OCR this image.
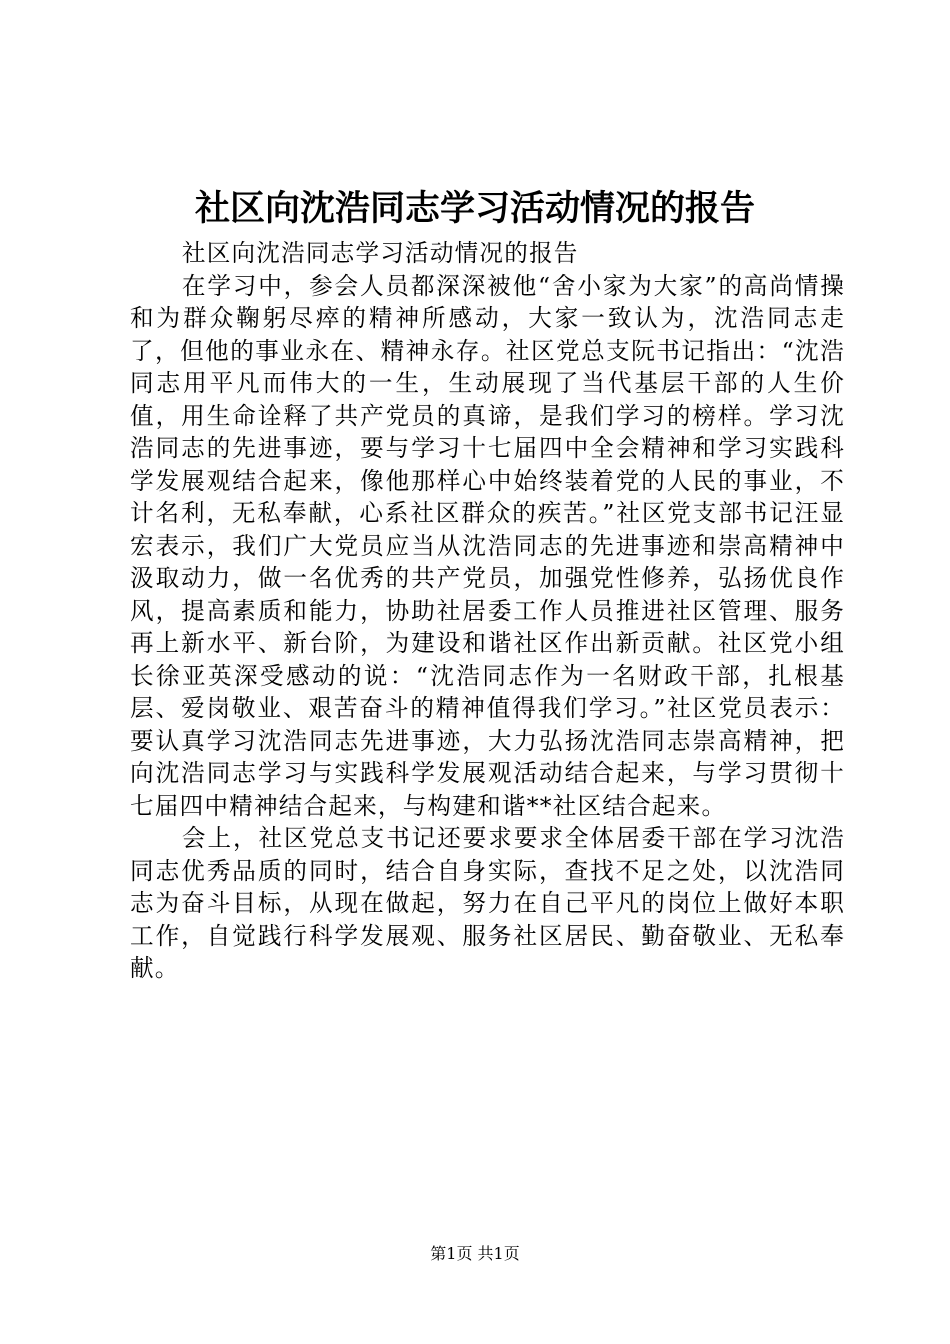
社区向沈浩同志学习活动情况的报告

社区向沈浩同志学习活动情况的报告

在学习中，参会人员都深深被他“舍小家为大家”的高尚情操和为群众鞠躬尽瘁的精神所感动，大家一致认为，沈浩同志走了，但他的事业永在、精神永存。社区党总支阮书记指出：“沈浩同志用平凡而伟大的一生，生动展现了当代基层干部的人生价值，用生命诠释了共产党员的真谛，是我们学习的榜样。学习沈浩同志的先进事迹，要与学习十七届四中全会精神和学习实践科学发展观结合起来，像他那样心中始终装着党的人民的事业，不计名利，无私奉献，心系社区群众的疾苦。”社区党支部书记汪显宏表示，我们广大党员应当从沈浩同志的先进事迹和崇高精神中汲取动力，做一名优秀的共产党员，加强党性修养，弘扬优良作风，提高素质和能力，协助社居委工作人员推进社区管理、服务再上新水平、新台阶，为建设和谐社区作出新贡献。社区党小组长徐亚英深受感动的说：“沈浩同志作为一名财政干部，扎根基层、爱岗敬业、艰苦奋斗的精神值得我们学习。”社区党员表示：要认真学习沈浩同志先进事迹，大力弘扬沈浩同志崇高精神，把向沈浩同志学习与实践科学发展观活动结合起来，与学习贯彻十七届四中精神结合起来，与构建和谐**社区结合起来。

会上，社区党总支书记还要求要求全体居委干部在学习沈浩同志优秀品质的同时，结合自身实际，查找不足之处，以沈浩同志为奋斗目标，从现在做起，努力在自己平凡的岗位上做好本职工作，自觉践行科学发展观、服务社区居民、勤奋敬业、无私奉献。

第1页 共1页
